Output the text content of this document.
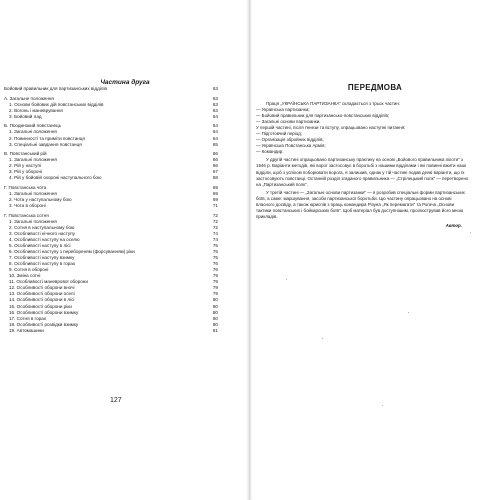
Частина друга
Бойовий правильник для партизанських відділів	63
А. Загальне положення	63
1. Основи бойових дій повстанських відділів	63
2. Вогонь і маневрування	63
3. Бойовий лад	64
Б. Поодинокий повстанець	64
1. Загальні положення	64
2. Повинності та приміти повстанця	64
3. Спеціальні завдання повстанця	65
В. Повстанський рій	66
1. Загальні положення	66
2. Рій у наступі	66
3. Рій у обороні	67
4. Рій у бойовій охороні наступального бою	68
Г. Повстанська чота	69
1. Загальні положення	69
2. Чота у наступальному бою	69
3. Чота в обороні	71
Г. Повстанська сотня	72
1. Загальні положення	72
2. Сотня в наступальному бою	72
3. Особливості нічного наступу	74
4. Особливості наступу на оселю	74
5. Особливості наступу в лісі	75
6. Особливості наступу з перебореням (форсуванням) ріки	75
7. Особливості наступу взимку	75
8. Особливості наступу в горах	76
9. Сотня в обороні	76
10. Зміна сотні	79
11. Особливості маневрової оборони	79
12. Особливості оборони вночі	79
13. Особливості оборони оселі	79
14. Особливості оборони в лісі	80
15. Особливості оборони ріки	80
16. Особливості оборони взимку	80
17. Сотня в горах	80
18. Особливості розвідки взимку	80
19. Автомашини	81
127
ПЕРЕДМОВА

Праця „УКРАЇНСЬКА ПАРТИЗАНКА" складається з трьох частин:

— Українська партизанка;

— Бойовий правильник для партизансько-повстанських відділів;

— Загальні основи партизанки.

У першій частині, після ґенези та вступу, опрацьовано наступні питання:

— Підготовчий період;

— Організація збройних відділів;

— Українська Повстанська Армія;

— Командир.

У другій частині опрацьовано партизанську практику на основі „Бойового правильника піхоти" з 1946 р. Варіанти методів, які ворог застосовує в боротьбі з нашими відділами і які повинні вжити наші відділи, щоб з успіхом поборювати ворога, я залишив, однак у тій частині подав деякі варіанти, що їх застосовують повстанці. Останній розділ згаданого правильника — „Стрілецький полк" — перетворено на „Партизанський полк".

У третій частині — „Загальні основи партизанки" — я розробив спеціальні форми партизанських боїв, а саме: маршування, засоби партизанської боротьби. Цю частину опрацьовано на основі власного досвіду, а також юриспів з праць командира Різуна „Як перемагати" та Рогача „Основи тактики повстанських і бойкарських боїв". Щоб матеріал був доступнішим, проілюстрував його мною прикладів.

Автор.
